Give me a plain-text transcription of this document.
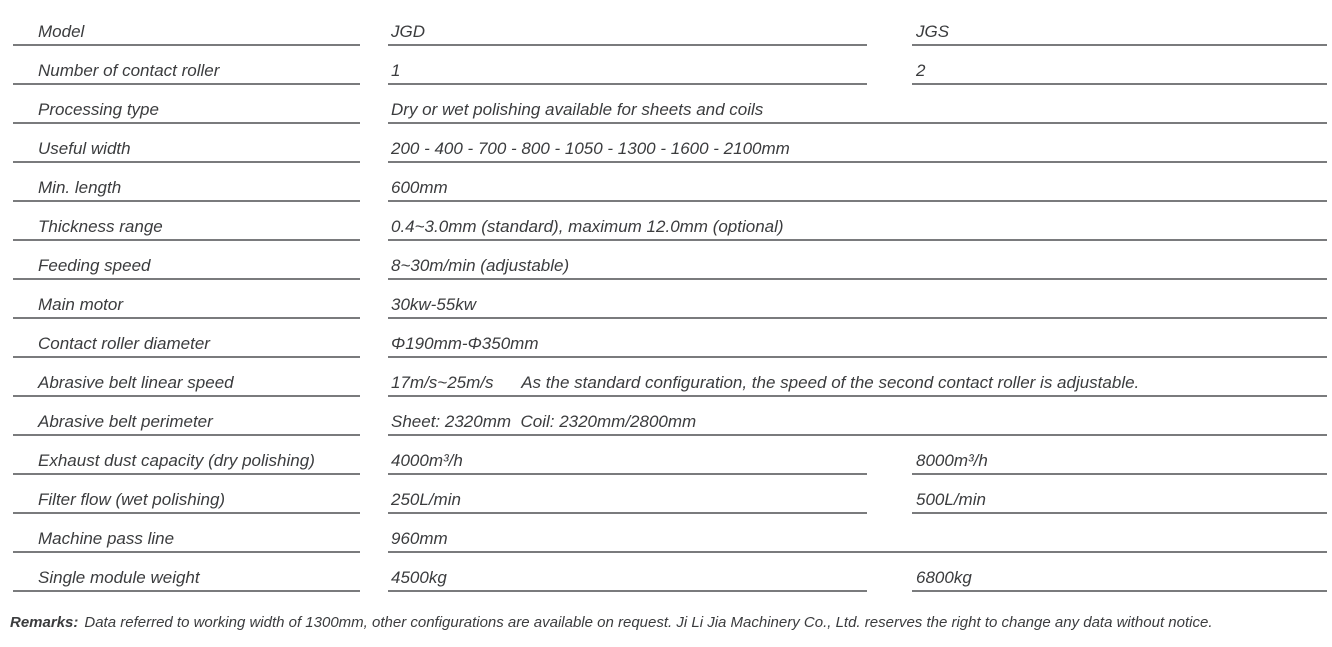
Model	JGD	JGS
Number of contact roller	1	2
Processing type	Dry or wet polishing available for sheets and coils
Useful width	200 - 400 - 700 - 800 - 1050 - 1300 - 1600 - 2100mm
Min. length	600mm
Thickness range	0.4~3.0mm (standard), maximum 12.0mm (optional)
Feeding speed	8~30m/min (adjustable)
Main motor	30kw-55kw
Contact roller diameter	Φ190mm-Φ350mm
Abrasive belt linear speed	17m/s~25m/s      As the standard configuration, the speed of the second contact roller is adjustable.
Abrasive belt perimeter	Sheet: 2320mm  Coil: 2320mm/2800mm
Exhaust dust capacity (dry polishing)	4000m³/h	8000m³/h
Filter flow (wet polishing)	250L/min	500L/min
Machine pass line	960mm
Single module weight	4500kg	6800kg
Remarks: Data referred to working width of 1300mm, other configurations are available on request. Ji Li Jia Machinery Co., Ltd. reserves the right to change any data without notice.
